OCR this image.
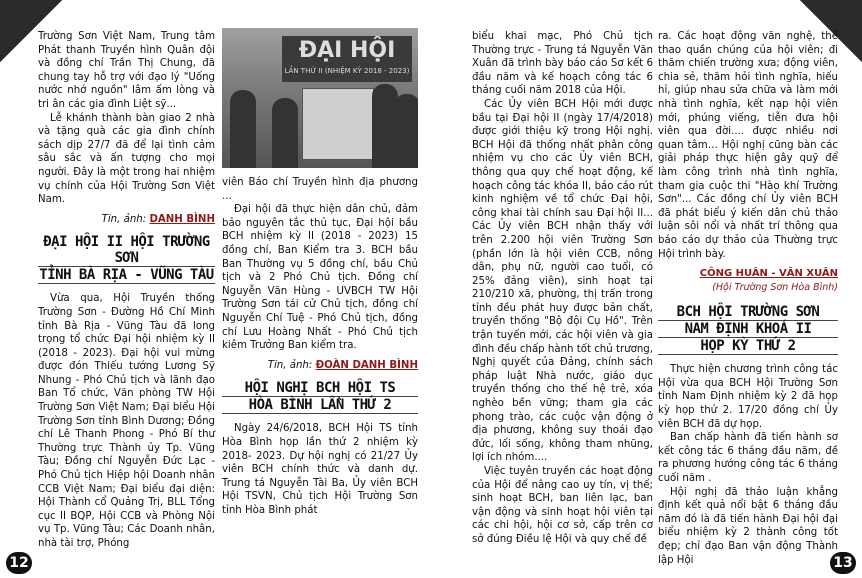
Trường Sơn Việt Nam, Trung tâm Phát thanh Truyền hình Quân đội và đồng chí Trần Thị Chung, đã chung tay hỗ trợ với đạo lý "Uống nước nhớ nguồn" lâm ấm lòng và tri ân các gia đình Liệt sỹ...

Lễ khánh thành bàn giao 2 nhà và tặng quà các gia đình chính sách dịp 27/7 đã để lại tình cảm sâu sắc và ấn tượng cho mọi người. Đây là một trong hai nhiệm vụ chính của Hội Trường Sơn Việt Nam.

Tin, ảnh: DANH BÌNH
ĐẠI HỘI II HỘI TRƯỜNG SƠN
TỈNH BÀ RỊA - VŨNG TÀU

Vừa qua, Hội Truyền thống Trường Sơn - Đường Hồ Chí Minh tỉnh Bà Rịa - Vũng Tàu đã long trọng tổ chức Đại hội nhiệm kỳ II (2018 - 2023). Đại hội vui mừng được đón Thiếu tướng Lương Sỹ Nhung - Phó Chủ tịch và lãnh đạo Ban Tổ chức, Văn phòng TW Hội Trường Sơn Việt Nam; Đại biểu Hội Trường Sơn tỉnh Bình Dương; Đồng chí Lê Thanh Phong - Phó Bí thư Thường trực Thành ủy Tp. Vũng Tàu; Đồng chí Nguyễn Đức Lạc - Phó Chủ tịch Hiệp hội Doanh nhân CCB Việt Nam; Đại biểu đại diện: Hội Thành cổ Quảng Trị, BLL Tổng cục II BQP, Hội CCB và Phòng Nội vụ Tp. Vũng Tàu; Các Doanh nhân, nhà tài trợ, Phóng

ĐẠI HỘI
LẦN THỨ II (NHIỆM KỲ 2018 - 2023)

viên Báo chí Truyền hình địa phương ...

Đại hội đã thực hiện dân chủ, đảm bảo nguyên tắc thủ tục, Đại hội bầu BCH nhiệm kỳ II (2018 - 2023) 15 đồng chí, Ban Kiểm tra 3. BCH bầu Ban Thường vụ 5 đồng chí, bầu Chủ tịch và 2 Phó Chủ tịch. Đồng chí Nguyễn Văn Hùng - UVBCH TW Hội Trường Sơn tái cử Chủ tịch, đồng chí Nguyễn Chí Tuệ - Phó Chủ tịch, đồng chí Lưu Hoàng Nhất - Phó Chủ tịch kiêm Trưởng Ban kiểm tra.

Tin, ảnh: ĐOÀN DANH BÌNH
HỘI NGHỊ BCH HỘI TS
HÒA BÌNH LẦN THỨ 2

Ngày 24/6/2018, BCH Hội TS tỉnh Hòa Bình họp lần thứ 2 nhiệm kỳ 2018- 2023. Dự hội nghị có 21/27 Ủy viên BCH chính thức và danh dự. Trung tá Nguyễn Tài Ba, Ủy viên BCH Hội TSVN, Chủ tịch Hội Trường Sơn tỉnh Hòa Bình phát

biểu khai mạc, Phó Chủ tịch Thường trực - Trung tá Nguyễn Văn Xuân đã trình bày báo cáo Sơ kết 6 đầu năm và kế hoạch công tác 6 tháng cuối năm 2018 của Hội.

Các Ủy viên BCH Hội mới được bầu tại Đại hội II (ngày 17/4/2018) được giới thiệu kỹ trong Hội nghị. BCH Hội đã thống nhất phân công nhiệm vụ cho các Ủy viên BCH, thông qua quy chế hoạt động, kế hoạch công tác khóa II, báo cáo rút kinh nghiệm về tổ chức Đại hội, công khai tài chính sau Đại hội II... Các Ủy viên BCH nhận thấy với trên 2.200 hội viên Trường Sơn (phần lớn là hội viên CCB, nông dân, phụ nữ, người cao tuổi, có 25% đảng viên), sinh hoạt tại 210/210 xã, phường, thị trấn trong tỉnh đều phát huy được bản chất, truyền thống "Bộ đội Cụ Hồ". Trên trận tuyến mới, các hội viên và gia đình đều chấp hành tốt chủ trương, Nghị quyết của Đảng, chính sách pháp luật Nhà nước, giáo dục truyền thống cho thế hệ trẻ, xóa nghèo bền vững; tham gia các phong trào, các cuộc vận động ở địa phương, không suy thoái đạo đức, lối sống, không tham nhũng, lợi ích nhóm....

Việc tuyên truyền các hoạt động của Hội để nâng cao uy tín, vị thế; sinh hoạt BCH, ban liên lạc, ban vận động và sinh hoạt hội viên tại các chi hội, hội cơ sở, cấp trên cơ sở đúng Điều lệ Hội và quy chế đề

ra. Các hoạt động văn nghệ, thể thao quần chúng của hội viên; đi thăm chiến trường xưa; động viên, chia sẻ, thăm hỏi tình nghĩa, hiếu hỉ, giúp nhau sửa chữa và làm mới nhà tình nghĩa, kết nạp hội viên mới, phúng viếng, tiễn đưa hội viên qua đời.... được nhiều nơi quan tâm… Hội nghị cũng bàn các giải pháp thực hiện gây quỹ để làm công trình nhà tình nghĩa, tham gia cuộc thi "Hào khí Trường Sơn"... Các đồng chí Ủy viên BCH đã phát biểu ý kiến dân chủ thảo luận sôi nổi và nhất trí thông qua báo cáo dự thảo của Thường trực Hội trình bày.

CÔNG HUÂN - VĂN XUÂN
(Hội Trường Sơn Hòa Bình)
BCH HỘI TRƯỜNG SƠN
NAM ĐỊNH KHOÁ II
HỌP KỲ THỨ 2

Thực hiện chương trình công tác Hội vừa qua BCH Hội Trường Sơn tỉnh Nam Định nhiệm kỳ 2 đã họp kỳ họp thứ 2. 17/20 đồng chí Ủy viên BCH đã dự họp.

Ban chấp hành đã tiến hành sơ kết công tác 6 tháng đầu năm, đề ra phương hướng công tác 6 tháng cuối năm .

Hội nghị đã thảo luận khẳng định kết quả nổi bật 6 tháng đầu năm đó là đã tiến hành Đại hội đại biểu nhiệm kỳ 2 thành công tốt đẹp; chỉ đạo Ban vận động Thành lập Hội

12	13
